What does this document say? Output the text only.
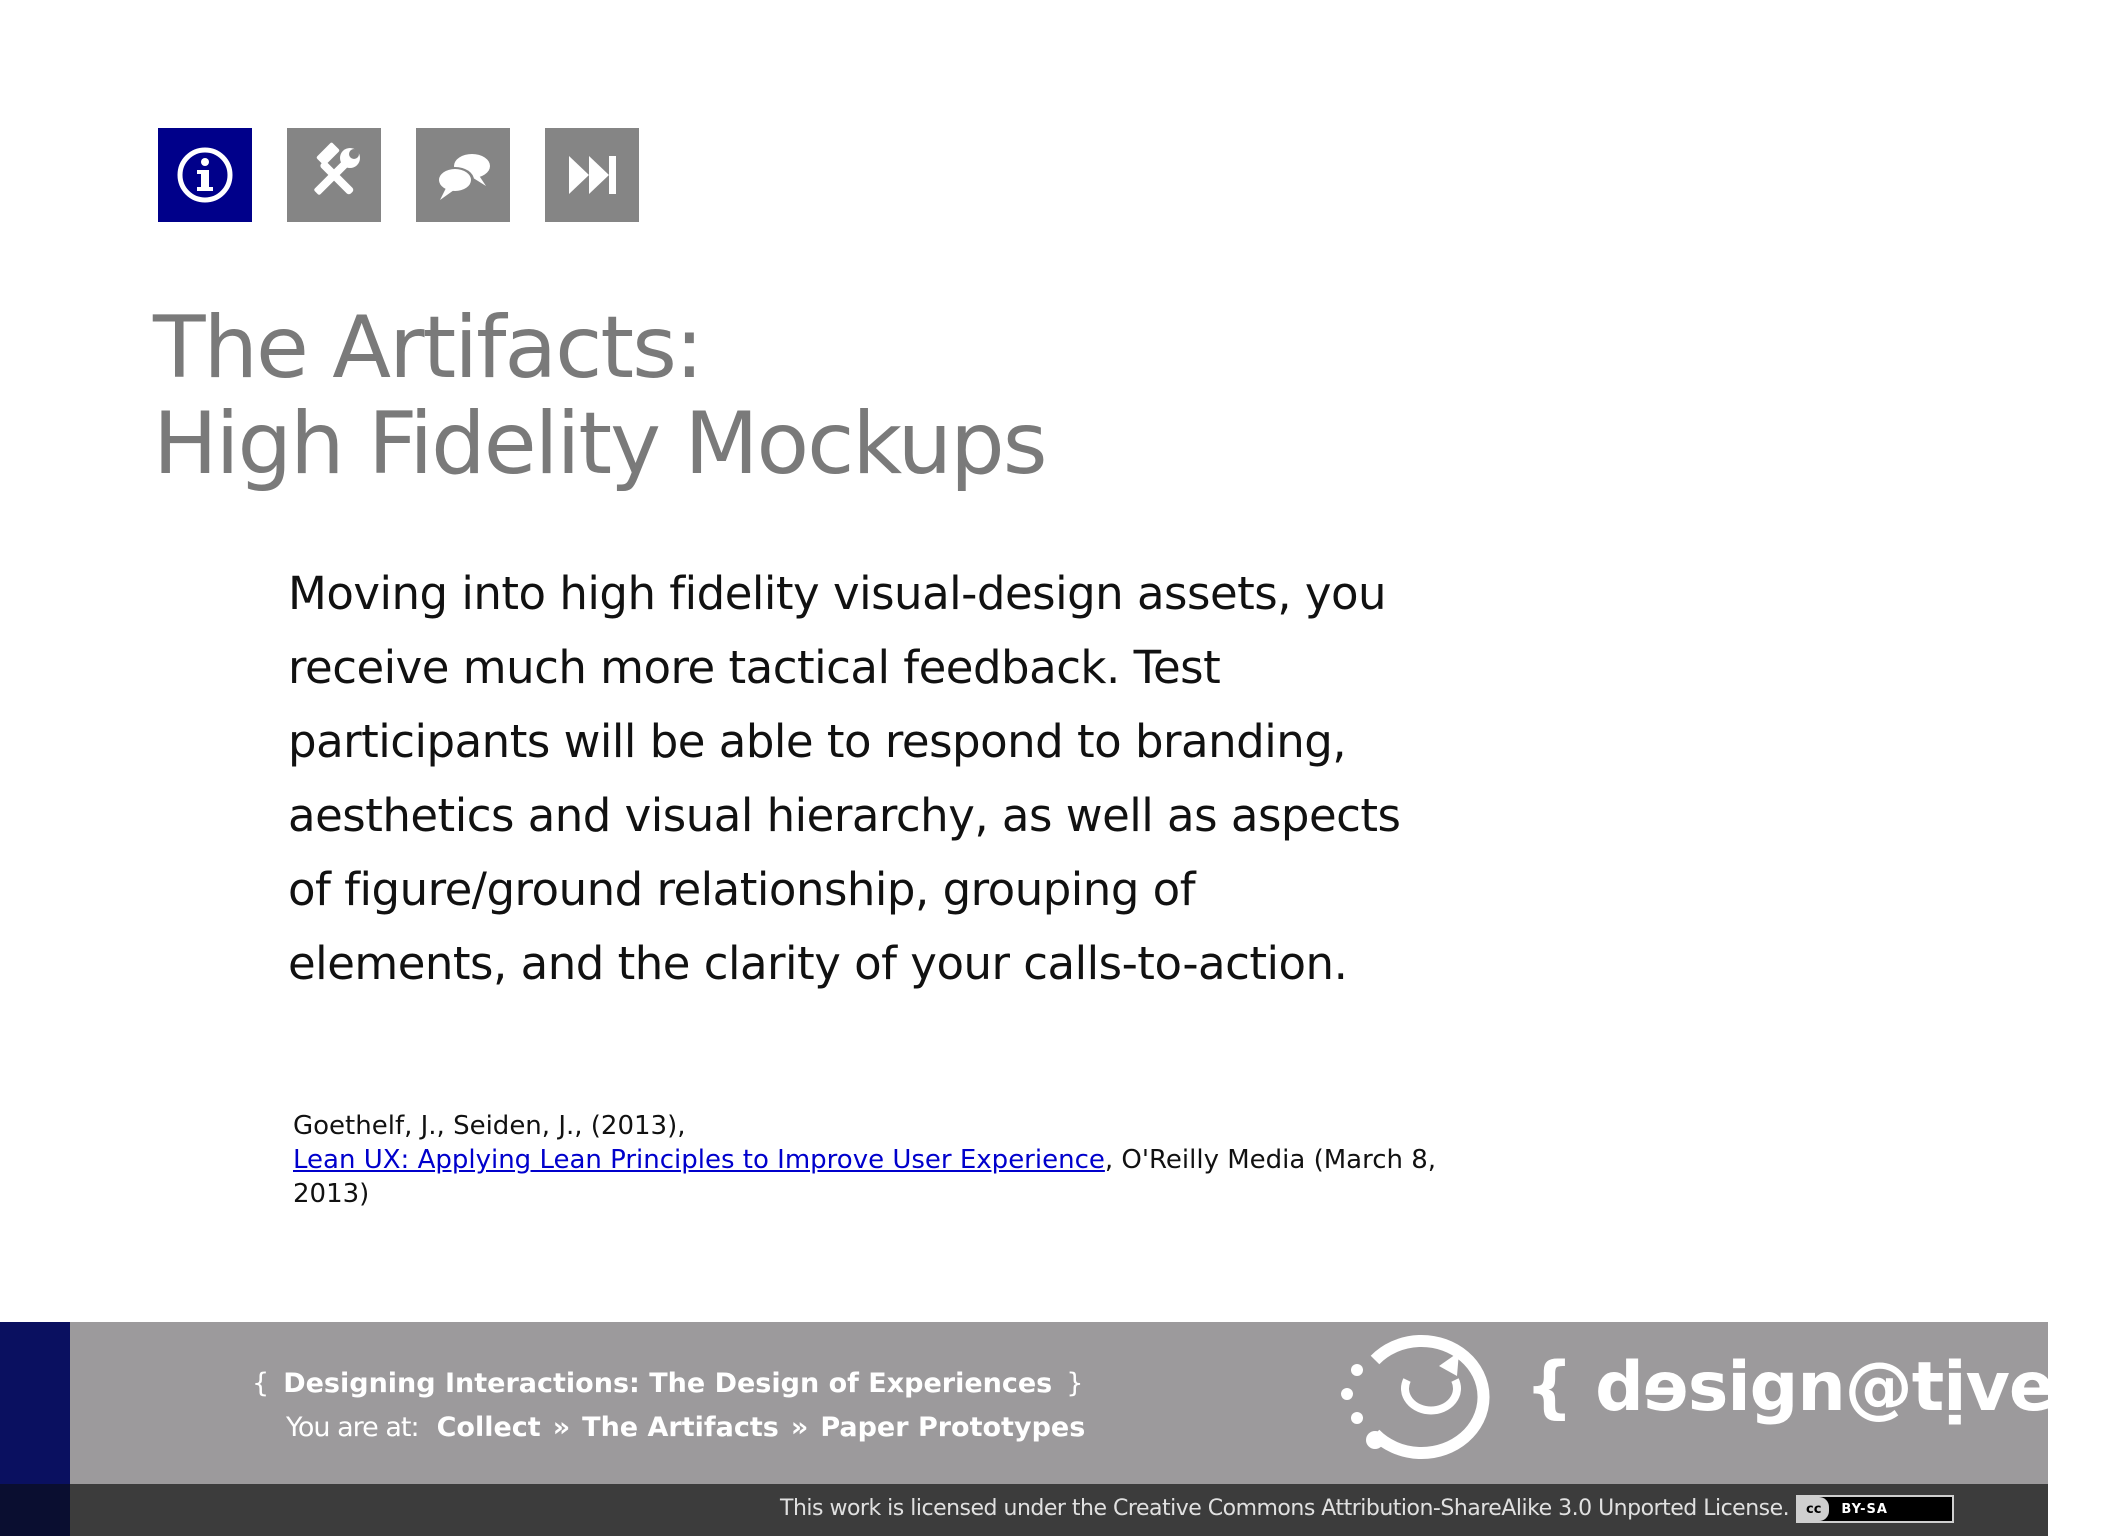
The Artifacts:
High Fidelity Mockups

Moving into high fidelity visual-design assets, you receive much more tactical feedback. Test participants will be able to respond to branding, aesthetics and visual hierarchy, as well as aspects of figure/ground relationship, grouping of elements, and the clarity of your calls-to-action.

Goethelf, J., Seiden, J., (2013),
Lean UX: Applying Lean Principles to Improve User Experience, O'Reilly Media (March 8, 2013)
{ Designing Interactions: The Design of Experiences }
You are at: Collect » The Artifacts » Paper Prototypes
{ dɘsign@tịve }
This work is licensed under the Creative Commons Attribution-ShareAlike 3.0 Unported License.	cc	BY-SA
